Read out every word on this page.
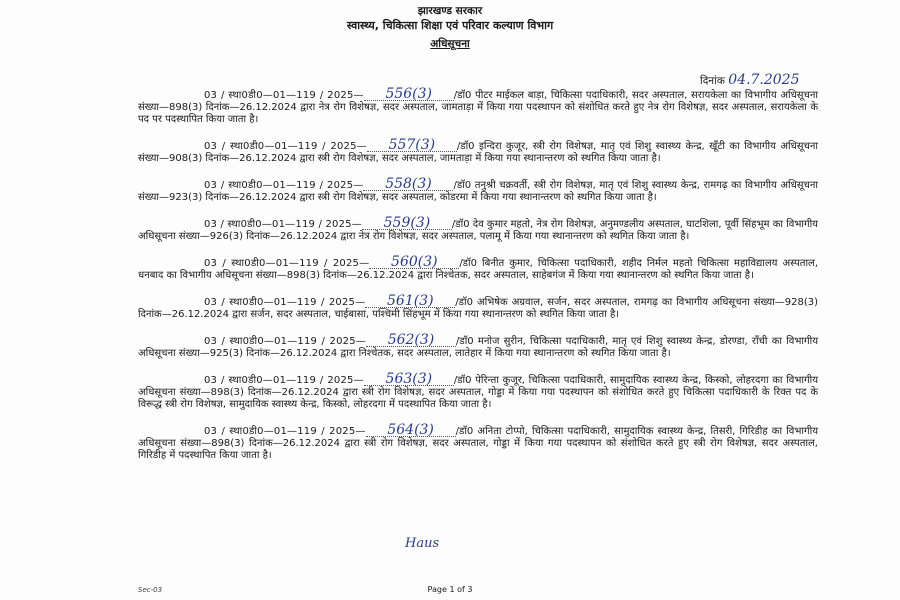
झारखण्ड सरकार
स्वास्थ्य, चिकित्सा शिक्षा एवं परिवार कल्याण विभाग
अधिसूचना
दिनांक 04.7.2025
03 / स्था0डी0—01—119 / 2025— 556(3) /डॉ0 पीटर माईकल बाड़ा, चिकित्सा पदाधिकारी, सदर अस्पताल, सरायकेला का विभागीय अधिसूचना संख्या—898(3) दिनांक—26.12.2024 द्वारा नेत्र रोग विशेषज्ञ, सदर अस्पताल, जामताड़ा में किया गया पदस्थापन को संशोधित करते हुए नेत्र रोग विशेषज्ञ, सदर अस्पताल, सरायकेला के पद पर पदस्थापित किया जाता है।
03 / स्था0डी0—01—119 / 2025— 557(3) /डॉ0 इन्दिरा कुजूर, स्त्री रोग विशेषज्ञ, मातृ एवं शिशु स्वास्थ्य केन्द्र, खूँटी का विभागीय अधिसूचना संख्या—908(3) दिनांक—26.12.2024 द्वारा स्त्री रोग विशेषज्ञ, सदर अस्पताल, जामताड़ा में किया गया स्थानान्तरण को स्थगित किया जाता है।
03 / स्था0डी0—01—119 / 2025— 558(3) /डॉ0 तनुश्री चक्रवर्ती, स्त्री रोग विशेषज्ञ, मातृ एवं शिशु स्वास्थ्य केन्द्र, रामगढ़ का विभागीय अधिसूचना संख्या—923(3) दिनांक—26.12.2024 द्वारा स्त्री रोग विशेषज्ञ, सदर अस्पताल, कोडरमा में किया गया स्थानान्तरण को स्थगित किया जाता है।
03 / स्था0डी0—01—119 / 2025— 559(3) /डॉ0 देव कुमार महतो, नेत्र रोग विशेषज्ञ, अनुमण्डलीय अस्पताल, घाटशिला, पूर्वी सिंहभूम का विभागीय अधिसूचना संख्या—926(3) दिनांक—26.12.2024 द्वारा नेत्र रोग विशेषज्ञ, सदर अस्पताल, पलामू में किया गया स्थानान्तरण को स्थगित किया जाता है।
03 / स्था0डी0—01—119 / 2025— 560(3) /डॉ0 बिनीत कुमार, चिकित्सा पदाधिकारी, शहीद निर्मल महतो चिकित्सा महाविद्यालय अस्पताल, धनबाद का विभागीय अधिसूचना संख्या—898(3) दिनांक—26.12.2024 द्वारा निश्चेतक, सदर अस्पताल, साहेबगंज में किया गया स्थानान्तरण को स्थगित किया जाता है।
03 / स्था0डी0—01—119 / 2025— 561(3) /डॉ0 अभिषेक अग्रवाल, सर्जन, सदर अस्पताल, रामगढ़ का विभागीय अधिसूचना संख्या—928(3) दिनांक—26.12.2024 द्वारा सर्जन, सदर अस्पताल, चाईबासा, पश्चिमी सिंहभूम में किया गया स्थानान्तरण को स्थगित किया जाता है।
03 / स्था0डी0—01—119 / 2025— 562(3) /डॉ0 मनोज सुरीन, चिकित्सा पदाधिकारी, मातृ एवं शिशु स्वास्थ्य केन्द्र, डोरण्डा, राँची का विभागीय अधिसूचना संख्या—925(3) दिनांक—26.12.2024 द्वारा निश्चेतक, सदर अस्पताल, लातेहार में किया गया स्थानान्तरण को स्थगित किया जाता है।
03 / स्था0डी0—01—119 / 2025— 563(3) /डॉ0 पेरिन्ता कुजूर, चिकित्सा पदाधिकारी, सामुदायिक स्वास्थ्य केन्द्र, किस्को, लोहरदगा का विभागीय अधिसूचना संख्या—898(3) दिनांक—26.12.2024 द्वारा स्त्री रोग विशेषज्ञ, सदर अस्पताल, गोड्डा में किया गया पदस्थापन को संशोधित करते हुए चिकित्सा पदाधिकारी के रिक्त पद के विरूद्ध स्त्री रोग विशेषज्ञ, सामुदायिक स्वास्थ्य केन्द्र, किस्को, लोहरदगा में पदस्थापित किया जाता है।
03 / स्था0डी0—01—119 / 2025— 564(3) /डॉ0 अनिता टोप्पो, चिकित्सा पदाधिकारी, सामुदायिक स्वास्थ्य केन्द्र, तिसरी, गिरिडीह का विभागीय अधिसूचना संख्या—898(3) दिनांक—26.12.2024 द्वारा स्त्री रोग विशेषज्ञ, सदर अस्पताल, गोड्डा में किया गया पदस्थापन को संशोधित करते हुए स्त्री रोग विशेषज्ञ, सदर अस्पताल, गिरिडीह में पदस्थापित किया जाता है।
Haus
Sec-03	Page 1 of 3
